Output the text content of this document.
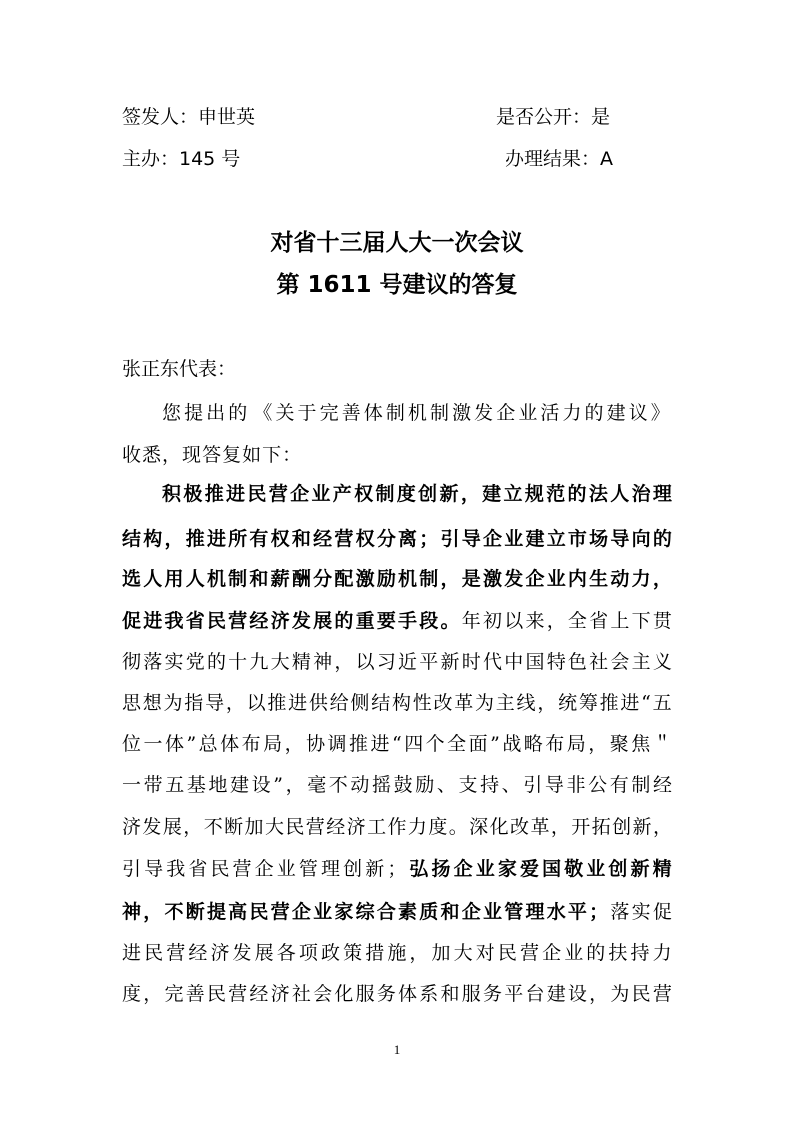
签发人：申世英	是否公开：是
主办：145 号	办理结果：A
对省十三届人大一次会议
第 1611 号建议的答复
张正东代表：
您 提 出 的 《 关 于 完 善 体 制 机 制 激 发 企 业 活 力 的 建 议 》
收 悉 ， 现 答 复 如 下 ：
积 极 推 进 民 营 企 业 产 权 制 度 创 新 ， 建 立 规 范 的 法 人 治 理
结 构 ， 推 进 所 有 权 和 经 营 权 分 离 ； 引 导 企 业 建 立 市 场 导 向 的
选 人 用 人 机 制 和 薪 酬 分 配 激 励 机 制 ， 是 激 发 企 业 内 生 动 力 ，
促 进 我 省 民 营 经 济 发 展 的 重 要 手 段 。 年 初 以 来 ， 全 省 上 下 贯
彻 落 实 党 的 十 九 大 精 神 ， 以 习 近 平 新 时 代 中 国 特 色 社 会 主 义
思 想 为 指 导 ， 以 推 进 供 给 侧 结 构 性 改 革 为 主 线 ， 统 筹 推 进 “ 五
位 一 体 ” 总 体 布 局 ， 协 调 推 进 “ 四 个 全 面 ” 战 略 布 局 ， 聚 焦 ＂
一 带 五 基 地 建 设 ” ， 毫 不 动 摇 鼓 励 、 支 持 、 引 导 非 公 有 制 经
济 发 展 ， 不 断 加 大 民 营 经 济 工 作 力 度 。 深 化 改 革 ， 开 拓 创 新 ，
引 导 我 省 民 营 企 业 管 理 创 新 ； 弘 扬 企 业 家 爱 国 敬 业 创 新 精
神 ， 不 断 提 高 民 营 企 业 家 综 合 素 质 和 企 业 管 理 水 平 ； 落 实 促
进 民 营 经 济 发 展 各 项 政 策 措 施 ， 加 大 对 民 营 企 业 的 扶 持 力
度 ， 完 善 民 营 经 济 社 会 化 服 务 体 系 和 服 务 平 台 建 设 ， 为 民 营
1
